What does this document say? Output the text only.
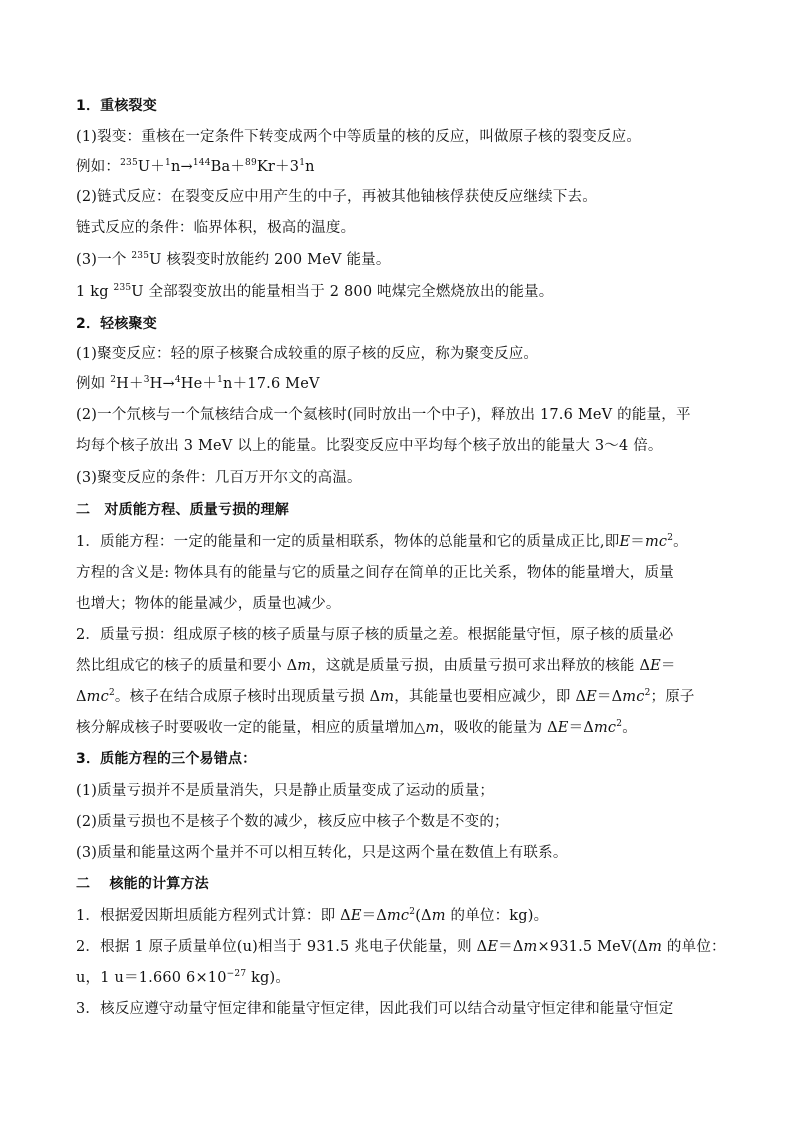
1．重核裂变
(1)裂变：重核在一定条件下转变成两个中等质量的核的反应，叫做原子核的裂变反应。
例如：$^{235}U+^1n\to^{144}Ba+^{89}Kr+3^1n$
(2)链式反应：在裂变反应中用产生的中子，再被其他铀核俘获使反应继续下去。
链式反应的条件：临界体积，极高的温度。
(3)一个 $^{235}$U 核裂变时放能约 200 MeV 能量。
1 kg $^{235}$U 全部裂变放出的能量相当于 2 800 吨煤完全燃烧放出的能量。
2．轻核聚变
(1)聚变反应：轻的原子核聚合成较重的原子核的反应，称为聚变反应。
例如 $^2$H＋$^3$H→$^4$He＋$^1$n＋17.6 MeV
(2)一个氘核与一个氚核结合成一个氦核时(同时放出一个中子)，释放出 17.6 MeV 的能量，平
均每个核子放出 3 MeV 以上的能量。比裂变反应中平均每个核子放出的能量大 3～4 倍。
(3)聚变反应的条件：几百万开尔文的高温。
二　对质能方程、质量亏损的理解
1．质能方程：一定的能量和一定的质量相联系，物体的总能量和它的质量成正比,即$E=mc^2$。
方程的含义是: 物体具有的能量与它的质量之间存在简单的正比关系，物体的能量增大，质量
也增大；物体的能量减少，质量也减少。
2．质量亏损：组成原子核的核子质量与原子核的质量之差。根据能量守恒，原子核的质量必
然比组成它的核子的质量和要小 Δm，这就是质量亏损，由质量亏损可求出释放的核能 ΔE＝
Δmc$^2$。核子在结合成原子核时出现质量亏损 Δm，其能量也要相应减少，即 ΔE＝Δmc$^2$；原子
核分解成核子时要吸收一定的能量，相应的质量增加△m，吸收的能量为 ΔE＝Δmc$^2$。
3．质能方程的三个易错点：
(1)质量亏损并不是质量消失，只是静止质量变成了运动的质量；
(2)质量亏损也不是核子个数的减少，核反应中核子个数是不变的；
(3)质量和能量这两个量并不可以相互转化，只是这两个量在数值上有联系。
二　 核能的计算方法
1．根据爱因斯坦质能方程列式计算：即 ΔE＝Δmc$^2$(Δm 的单位：kg)。
2．根据 1 原子质量单位(u)相当于 931.5 兆电子伏能量，则 ΔE＝Δm×931.5 MeV(Δm 的单位：
u，1 u＝1.660 $6\times 10^{-27}$ kg)。
3．核反应遵守动量守恒定律和能量守恒定律，因此我们可以结合动量守恒定律和能量守恒定
